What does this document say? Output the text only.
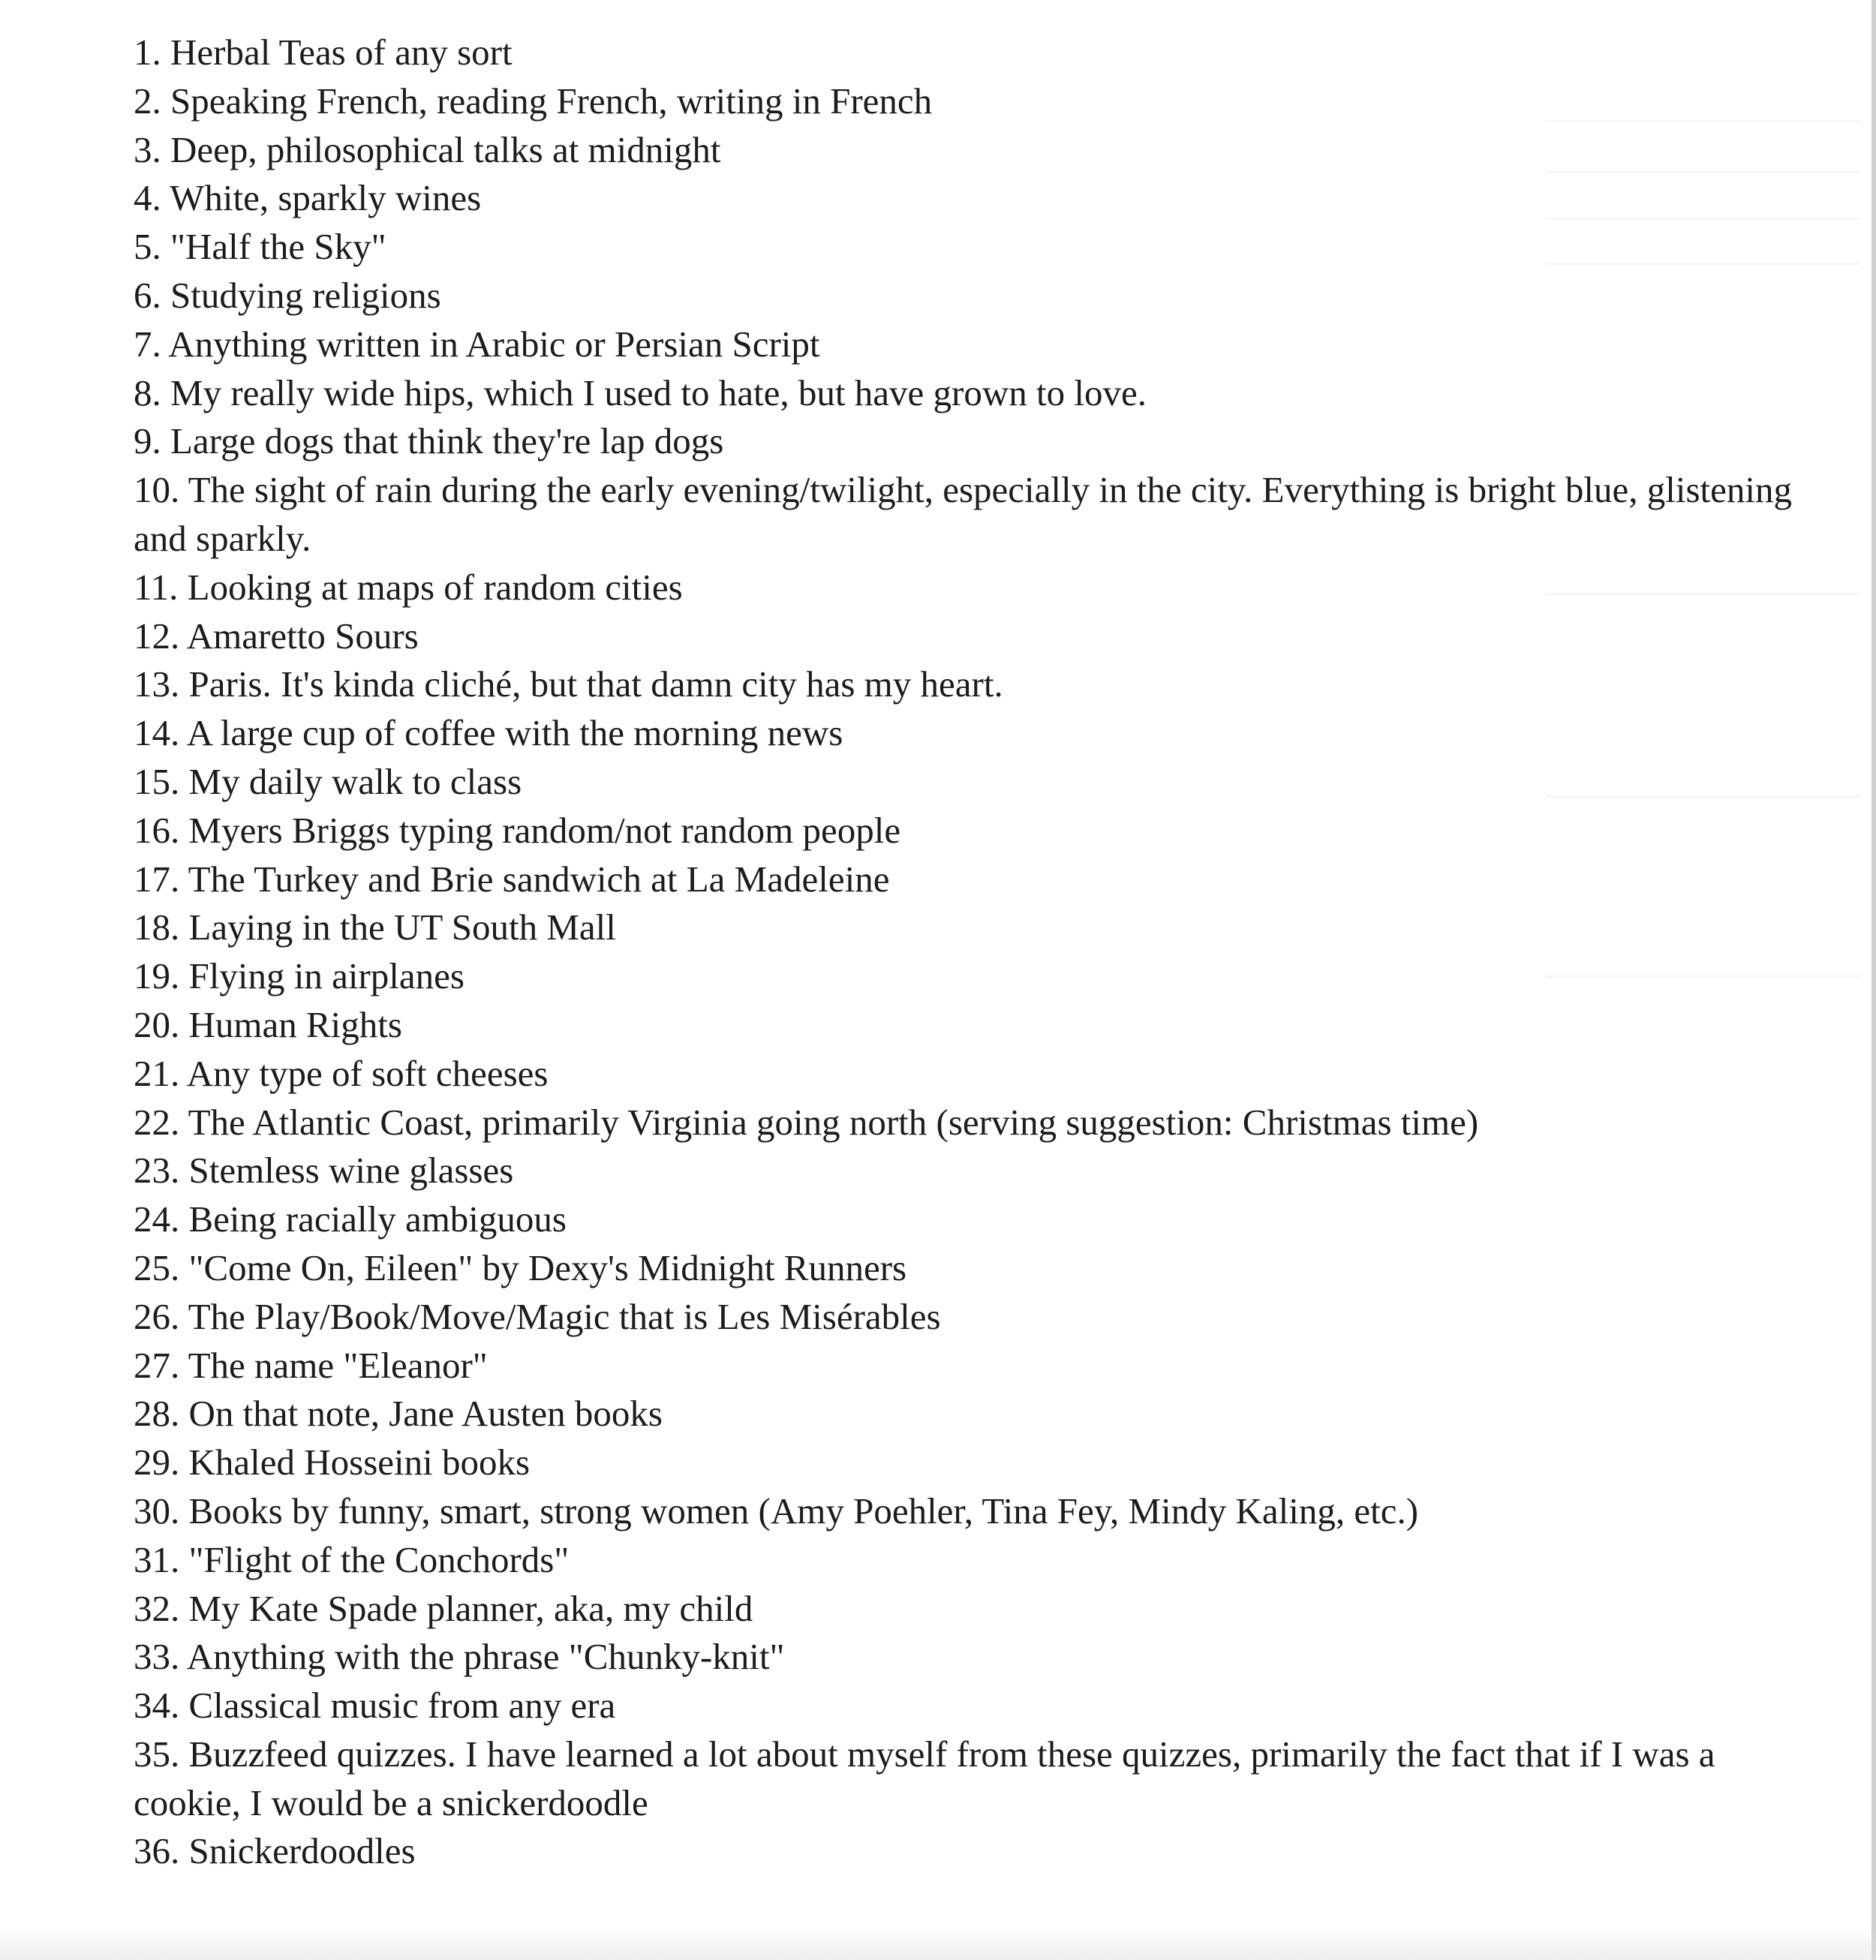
1. Herbal Teas of any sort
2. Speaking French, reading French, writing in French
3. Deep, philosophical talks at midnight
4. White, sparkly wines
5. "Half the Sky"
6. Studying religions
7. Anything written in Arabic or Persian Script
8. My really wide hips, which I used to hate, but have grown to love.
9. Large dogs that think they're lap dogs
10. The sight of rain during the early evening/twilight, especially in the city. Everything is bright blue, glistening and sparkly.
11. Looking at maps of random cities
12. Amaretto Sours
13. Paris. It's kinda cliché, but that damn city has my heart.
14. A large cup of coffee with the morning news
15. My daily walk to class
16. Myers Briggs typing random/not random people
17. The Turkey and Brie sandwich at La Madeleine
18. Laying in the UT South Mall
19. Flying in airplanes
20. Human Rights
21. Any type of soft cheeses
22. The Atlantic Coast, primarily Virginia going north (serving suggestion: Christmas time)
23. Stemless wine glasses
24. Being racially ambiguous
25. "Come On, Eileen" by Dexy's Midnight Runners
26. The Play/Book/Move/Magic that is Les Misérables
27. The name "Eleanor"
28. On that note, Jane Austen books
29. Khaled Hosseini books
30. Books by funny, smart, strong women (Amy Poehler, Tina Fey, Mindy Kaling, etc.)
31. "Flight of the Conchords"
32. My Kate Spade planner, aka, my child
33. Anything with the phrase "Chunky-knit"
34. Classical music from any era
35. Buzzfeed quizzes. I have learned a lot about myself from these quizzes, primarily the fact that if I was a cookie, I would be a snickerdoodle
36. Snickerdoodles
